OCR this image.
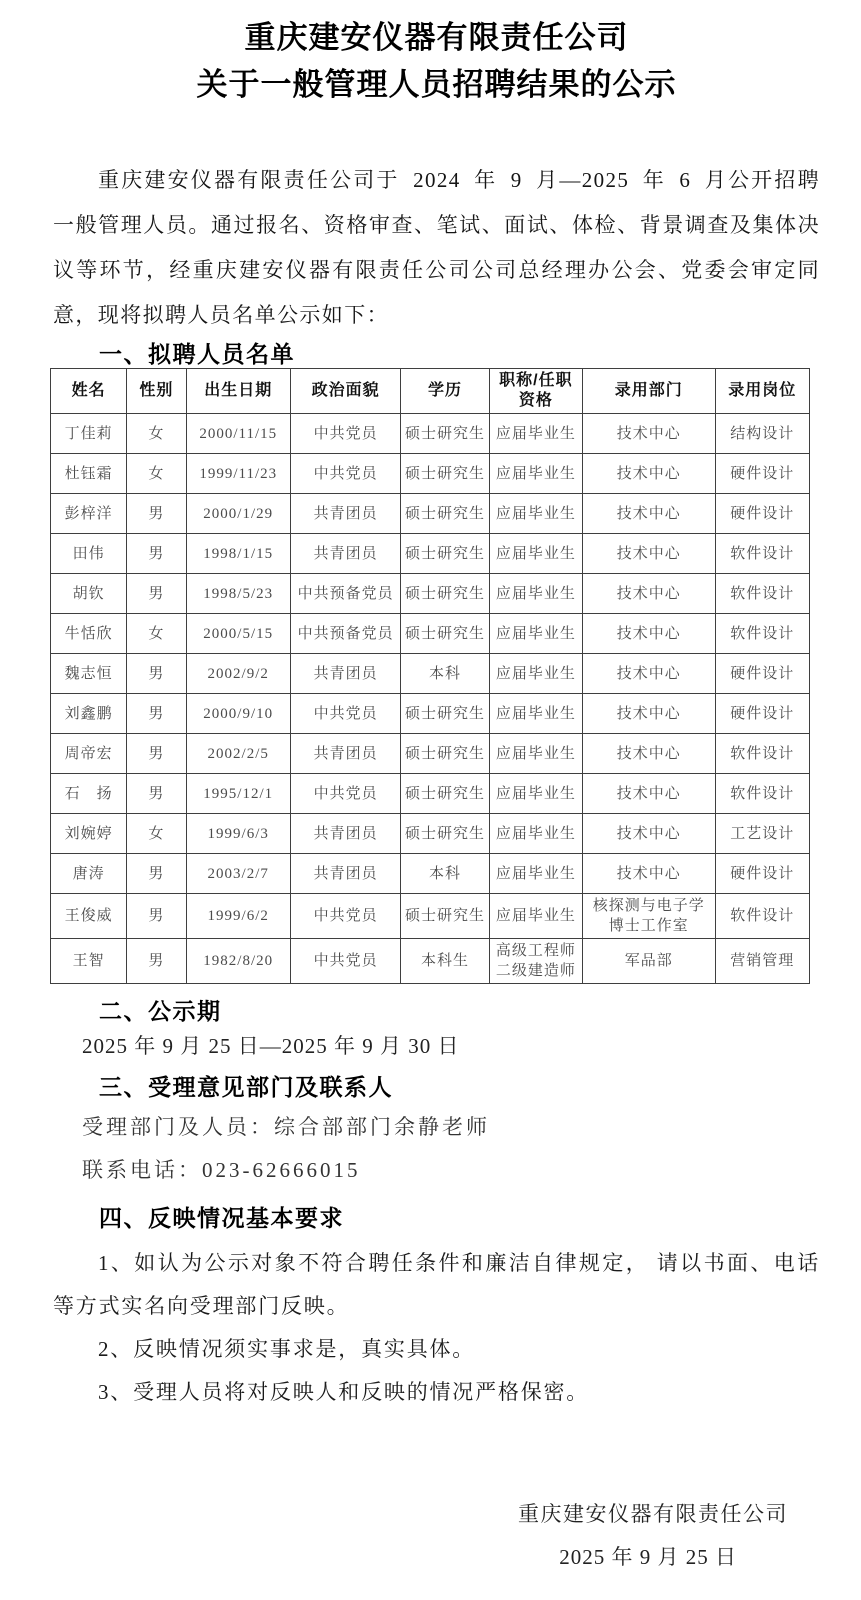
重庆建安仪器有限责任公司
关于一般管理人员招聘结果的公示

重庆建安仪器有限责任公司于 2024 年 9 月—2025 年 6 月公开招聘一般管理人员。通过报名、资格审查、笔试、面试、体检、背景调查及集体决议等环节，经重庆建安仪器有限责任公司公司总经理办公会、党委会审定同意，现将拟聘人员名单公示如下：

一、拟聘人员名单
姓名	性别	出生日期	政治面貌	学历	职称/任职资格	录用部门	录用岗位
丁佳莉	女	2000/11/15	中共党员	硕士研究生	应届毕业生	技术中心	结构设计
杜钰霜	女	1999/11/23	中共党员	硕士研究生	应届毕业生	技术中心	硬件设计
彭梓洋	男	2000/1/29	共青团员	硕士研究生	应届毕业生	技术中心	硬件设计
田伟	男	1998/1/15	共青团员	硕士研究生	应届毕业生	技术中心	软件设计
胡钦	男	1998/5/23	中共预备党员	硕士研究生	应届毕业生	技术中心	软件设计
牛恬欣	女	2000/5/15	中共预备党员	硕士研究生	应届毕业生	技术中心	软件设计
魏志恒	男	2002/9/2	共青团员	本科	应届毕业生	技术中心	硬件设计
刘鑫鹏	男	2000/9/10	中共党员	硕士研究生	应届毕业生	技术中心	硬件设计
周帝宏	男	2002/2/5	共青团员	硕士研究生	应届毕业生	技术中心	软件设计
石　扬	男	1995/12/1	中共党员	硕士研究生	应届毕业生	技术中心	软件设计
刘婉婷	女	1999/6/3	共青团员	硕士研究生	应届毕业生	技术中心	工艺设计
唐涛	男	2003/2/7	共青团员	本科	应届毕业生	技术中心	硬件设计
王俊威	男	1999/6/2	中共党员	硕士研究生	应届毕业生	核探测与电子学博士工作室	软件设计
王智	男	1982/8/20	中共党员	本科生	高级工程师二级建造师	军品部	营销管理
二、公示期

2025 年 9 月 25 日—2025 年 9 月 30 日

三、受理意见部门及联系人

受理部门及人员：综合部部门余静老师

联系电话：023-62666015

四、反映情况基本要求

1、如认为公示对象不符合聘任条件和廉洁自律规定， 请以书面、电话等方式实名向受理部门反映。

2、反映情况须实事求是，真实具体。

3、受理人员将对反映人和反映的情况严格保密。

重庆建安仪器有限责任公司

2025 年 9 月 25 日
